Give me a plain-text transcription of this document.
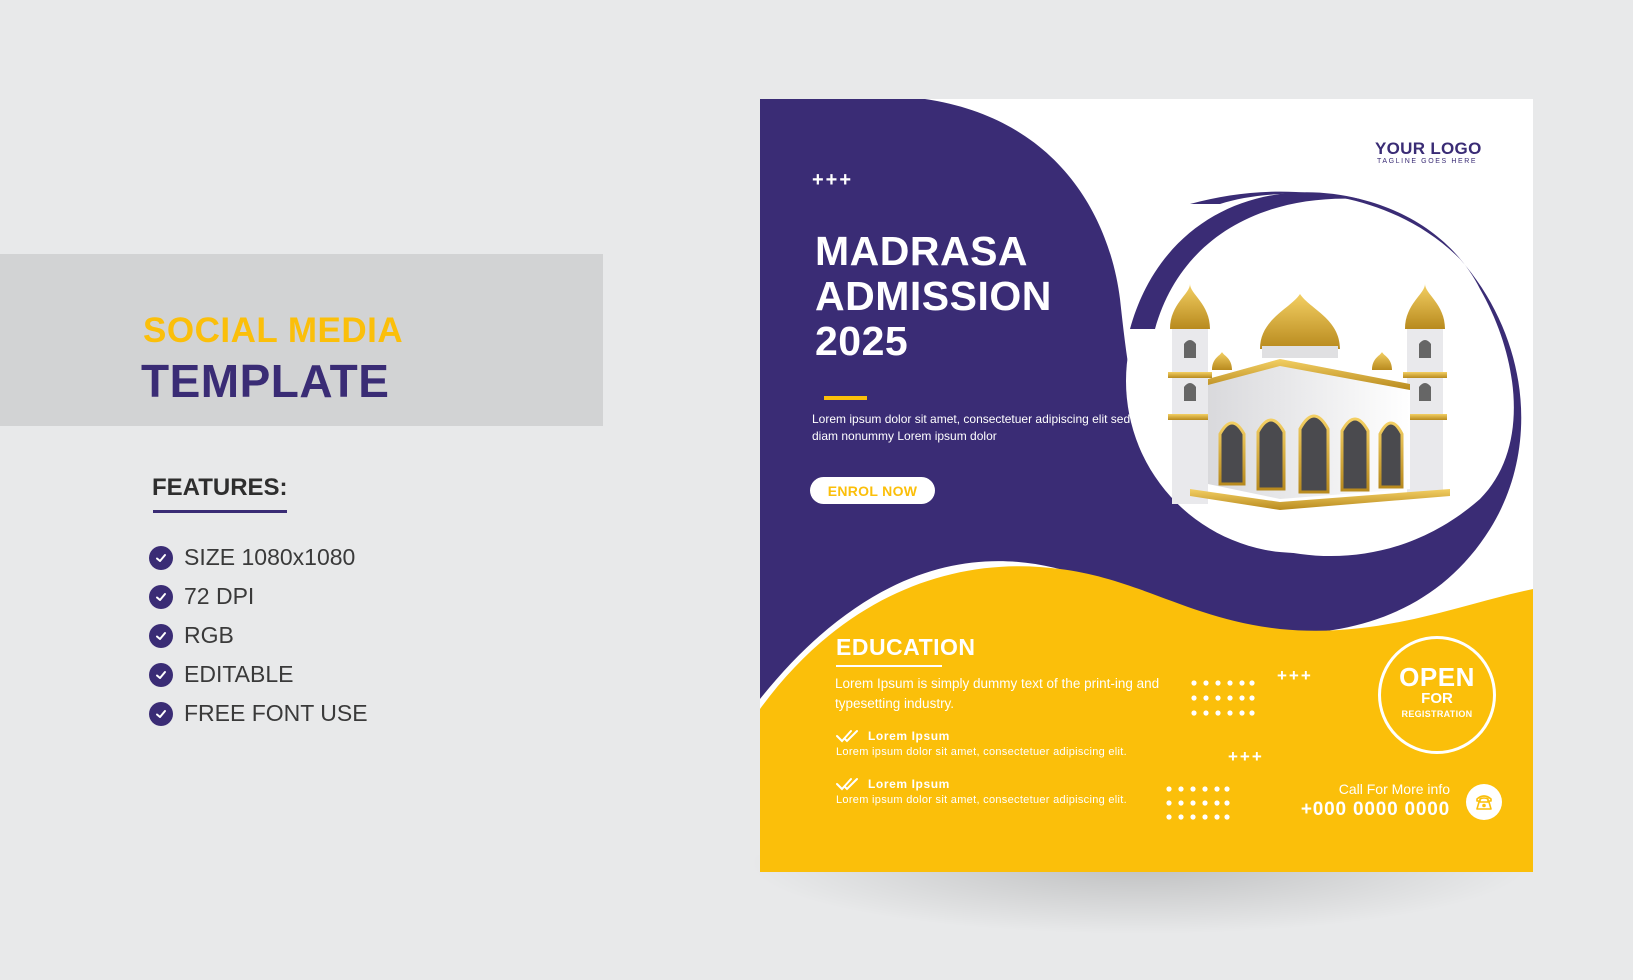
SOCIAL MEDIA
TEMPLATE
FEATURES:
SIZE 1080x1080
72 DPI
RGB
EDITABLE
FREE FONT USE
YOUR LOGO
TAGLINE GOES HERE
+++
MADRASA
ADMISSION
2025
Lorem ipsum dolor sit amet, consectetuer adipiscing elit sed diam nonummy Lorem ipsum dolor
ENROL NOW
EDUCATION
Lorem Ipsum is simply dummy text of the print-ing and typesetting industry.
Lorem Ipsum
Lorem ipsum dolor sit amet, consectetuer adipiscing elit.
Lorem Ipsum
Lorem ipsum dolor sit amet, consectetuer adipiscing elit.
+++
+++
OPEN
FOR
REGISTRATION
Call For More info
+000 0000 0000
